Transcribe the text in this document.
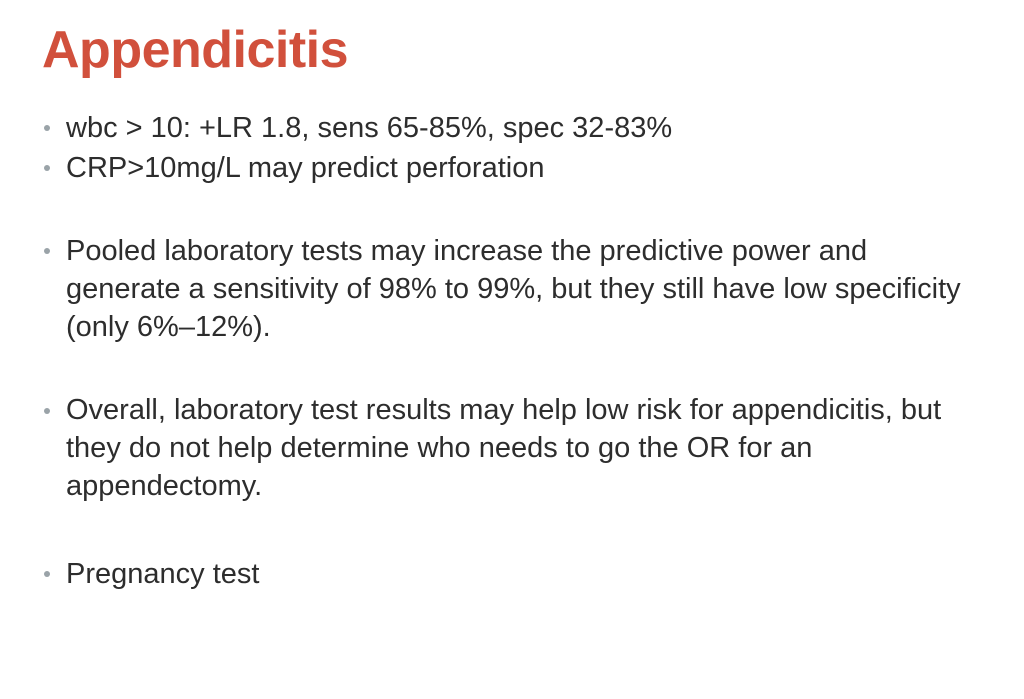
Appendicitis
wbc > 10: +LR 1.8, sens 65-85%, spec 32-83%
CRP>10mg/L may predict perforation
Pooled laboratory tests may increase the predictive power and generate a sensitivity of 98% to 99%, but they still have low specificity (only 6%–12%).
Overall, laboratory test results may help low risk for appendicitis, but they do not help determine who needs to go the OR for an appendectomy.
Pregnancy test
